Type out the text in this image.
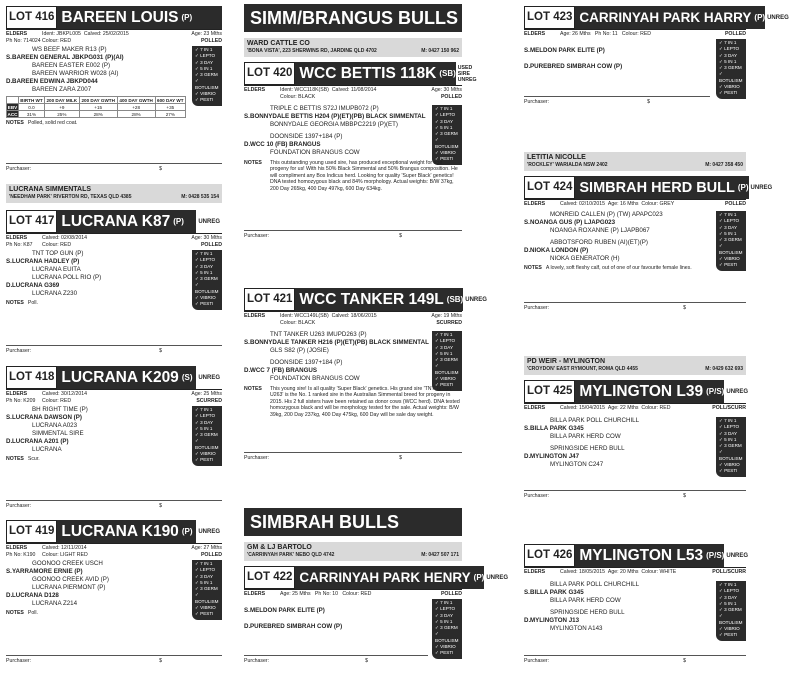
LOT 416 BAREEN LOUIS (P)
ELDERS
Ph No: 714024
Ident: JBKPL005 Calved: 25/02/2015
Colour: RED
Age: 23 Mths
POLLED
WS BEEF MAKER R13 (P)
S.BAREEN GENERAL JBKPG031 (P)(AI)
BAREEN EASTER E002 (P)
BAREEN WARRIOR W028 (AI)
D.BAREEN EDWINA JBKPD044
BAREEN ZARA Z007
✓ 7 IN 1
✓ LEPTO
✓ 3 DAY
✓ 5 IN 1
✓ 3 GERM
✓ BOTULISM
✓ VIBRIO
✓ PESTI
	BIRTH WT	200 DAY MILK	200 DAY GWTH	400 DAY GWTH	600 DAY WT
EBV	0.0	+9	+15	+28	+35
ACC	31%	25%	28%	28%	27%
NOTES Polled, solid red coat.
Purchaser:	$
LUCRANA SIMMENTALS
'NEEDHAM PARK' RIVERTON RD, TEXAS QLD 4385	M: 0428 535 154
LOT 417 LUCRANA K87 (P)	UNREG
ELDERS
Ph No: K87
Calved: 02/08/2014
Colour: RED
Age: 30 Mths
POLLED
TNT TOP GUN (P)
S.LUCRANA HADLEY (P)
LUCRANA EUITA
LUCRANA POLL RIO (P)
D.LUCRANA G369
LUCRANA Z230
✓ 7 IN 1
✓ LEPTO
✓ 3 DAY
✓ 5 IN 1
✓ 3 GERM
✓ BOTULISM
✓ VIBRIO
✓ PESTI
NOTES Poll.
Purchaser:	$
LOT 418 LUCRANA K209 (S) UNREG
ELDERS
Ph No: K209
Calved: 30/12/2014
Colour: RED
Age: 25 Mths
SCURRED
BH RIGHT TIME (P)
S.LUCRANA DAWSON (P)
LUCRANA A023
SIMMENTAL SIRE
D.LUCRANA A201 (P)
LUCRANA
✓ 7 IN 1
✓ LEPTO
✓ 3 DAY
✓ 5 IN 1
✓ 3 GERM
✓ BOTULISM
✓ VIBRIO
✓ PESTI
NOTES Scur.
Purchaser:	$
LOT 419 LUCRANA K190 (P) UNREG
ELDERS
Ph No: K190
Calved: 12/11/2014
Colour: LIGHT RED
Age: 27 Mths
POLLED
GOONOO CREEK USCH
S.YARRAMORE ERNIE (P)
GOONOO CREEK AVID (P)
LUCRANA PIERMONT (P)
D.LUCRANA D128
LUCRANA Z214
✓ 7 IN 1
✓ LEPTO
✓ 3 DAY
✓ 5 IN 1
✓ 3 GERM
✓ BOTULISM
✓ VIBRIO
✓ PESTI
NOTES Poll.
Purchaser:	$
SIMM/BRANGUS BULLS
WARD CATTLE CO
'BONA VISTA', 223 SHERWINS RD, JARDINE QLD 4702	M: 0427 150 962
LOT 420 WCC BETTIS 118K (SB)
USED SIRE UNREG
ELDERS	Ident: WCC118K(SB) Calved: 11/08/2014
Colour: BLACK
Age: 30 Mths
POLLED
TRIPLE C BETTIS S72J IMUPB072 (P)
S.BONNYDALE BETTIS H204 (P)(ET)(PB) BLACK SIMMENTAL
BONNYDALE GEORGIA MBBPC2219 (P)(ET)
DOONSIDE 1397+184 (P)
D.WCC 10 (FB) BRANGUS
FOUNDATION BRANGUS COW
✓ 7 IN 1
✓ LEPTO
✓ 3 DAY
✓ 5 IN 1
✓ 3 GERM
✓ BOTULISM
✓ VIBRIO
✓ PESTI
NOTES This outstanding young used sire, has produced exceptional weight for age progeny for us! With his 50% Black Simmental and 50% Brangus composition. He will compliment any Bos Indicus herd. Looking for quality 'Super Black' genetics! DNA tested homozygous black and 84% morphology. Actual weights: B/W 37kg, 200 Day 265kg, 400 Day 497kg, 600 Day 634kg.
Purchaser:	$
LOT 421 WCC TANKER 149L (SB) UNREG
ELDERS	Ident: WCC149L(SB) Calved: 18/06/2015
Colour: BLACK
Age: 19 Mths
SCURRED
TNT TANKER U263 IMUPD263 (P)
S.BONNYDALE TANKER H216 (P)(ET)(PB) BLACK SIMMENTAL
GLS S82 (P) (JOSIE)
DOONSIDE 1397+184 (P)
D.WCC 7 (FB) BRANGUS
FOUNDATION BRANGUS COW
✓ 7 IN 1
✓ LEPTO
✓ 3 DAY
✓ 5 IN 1
✓ 3 GERM
✓ BOTULISM
✓ VIBRIO
✓ PESTI
NOTES This young sire! Is all quality 'Super Black' genetics. His grand sire 'TNT Tanker U263' is the No. 1 ranked sire in the Australian Simmental breed for progeny in 2015. His 2 full sisters have been retained as donor cows (WCC herd). DNA tested homozygous black and will be morphology tested for the sale. Actual weights: B/W 39kg, 200 Day 237kg, 400 Day 475kg, 600 Day will be sale day weight.
Purchaser:	$
SIMBRAH BULLS
GM & LJ BARTOLO
'CARRINYAH PARK' NEBO QLD 4742	M: 0427 507 171
LOT 422 CARRINYAH PARK HENRY (P) UNREG
ELDERS	Age: 25 Mths Ph No: 10 Colour: RED	POLLED
S.MELDON PARK ELITE (P)
D.PUREBRED SIMBRAH COW (P)
✓ 7 IN 1
✓ LEPTO
✓ 3 DAY
✓ 5 IN 1
✓ 3 GERM
✓ BOTULISM
✓ VIBRIO
✓ PESTI
Purchaser:	$
LOT 423 CARRINYAH PARK HARRY (P) UNREG
ELDERS	Age: 26 Mths Ph No: 11 Colour: RED	POLLED
S.MELDON PARK ELITE (P)
D.PUREBRED SIMBRAH COW (P)
✓ 7 IN 1
✓ LEPTO
✓ 3 DAY
✓ 5 IN 1
✓ 3 GERM
✓ BOTULISM
✓ VIBRIO
✓ PESTI
Purchaser:	$
LETITIA NICOLLE
'ROCKLEY' WARIALDA NSW 2402	M: 0427 358 450
LOT 424 SIMBRAH HERD BULL (P) UNREG
ELDERS	Calved: 02/10/2015 Age: 16 Mths Colour: GREY	POLLED
MONREID CALLEN (P) (TW) APAPC023
S.NOANGA GUS (P) LJAPG023
NOANGA ROXANNE (P) LJAPB067
ABBOTSFORD RUBEN (AI)(ET)(P)
D.NIOKA LONDON (P)
NIOKA GENERATOR (H)
✓ 7 IN 1
✓ LEPTO
✓ 3 DAY
✓ 5 IN 1
✓ 3 GERM
✓ BOTULISM
✓ VIBRIO
✓ PESTI
NOTES A lovely, soft fleshy calf, out of one of our favourite female lines.
Purchaser:	$
PD WEIR - MYLINGTON
'CROYDON' EAST RYMOUNT, ROMA QLD 4455	M: 0429 632 693
LOT 425 MYLINGTON L39 (P/S) UNREG
ELDERS	Calved: 15/04/2015 Age: 22 Mths Colour: RED	POLL/SCURR
BILLA PARK POLL CHURCHILL
S.BILLA PARK G345
BILLA PARK HERD COW
SPRINGSIDE HERD BULL
D.MYLINGTON J47
MYLINGTON C247
✓ 7 IN 1
✓ LEPTO
✓ 3 DAY
✓ 5 IN 1
✓ 3 GERM
✓ BOTULISM
✓ VIBRIO
✓ PESTI
Purchaser:	$
LOT 426 MYLINGTON L53 (P/S) UNREG
ELDERS	Calved: 18/05/2015 Age: 20 Mths Colour: WHITE	POLL/SCURR
BILLA PARK POLL CHURCHILL
S.BILLA PARK G345
BILLA PARK HERD COW
SPRINGSIDE HERD BULL
D.MYLINGTON J13
MYLINGTON A143
✓ 7 IN 1
✓ LEPTO
✓ 3 DAY
✓ 5 IN 1
✓ 3 GERM
✓ BOTULISM
✓ VIBRIO
✓ PESTI
Purchaser:	$
